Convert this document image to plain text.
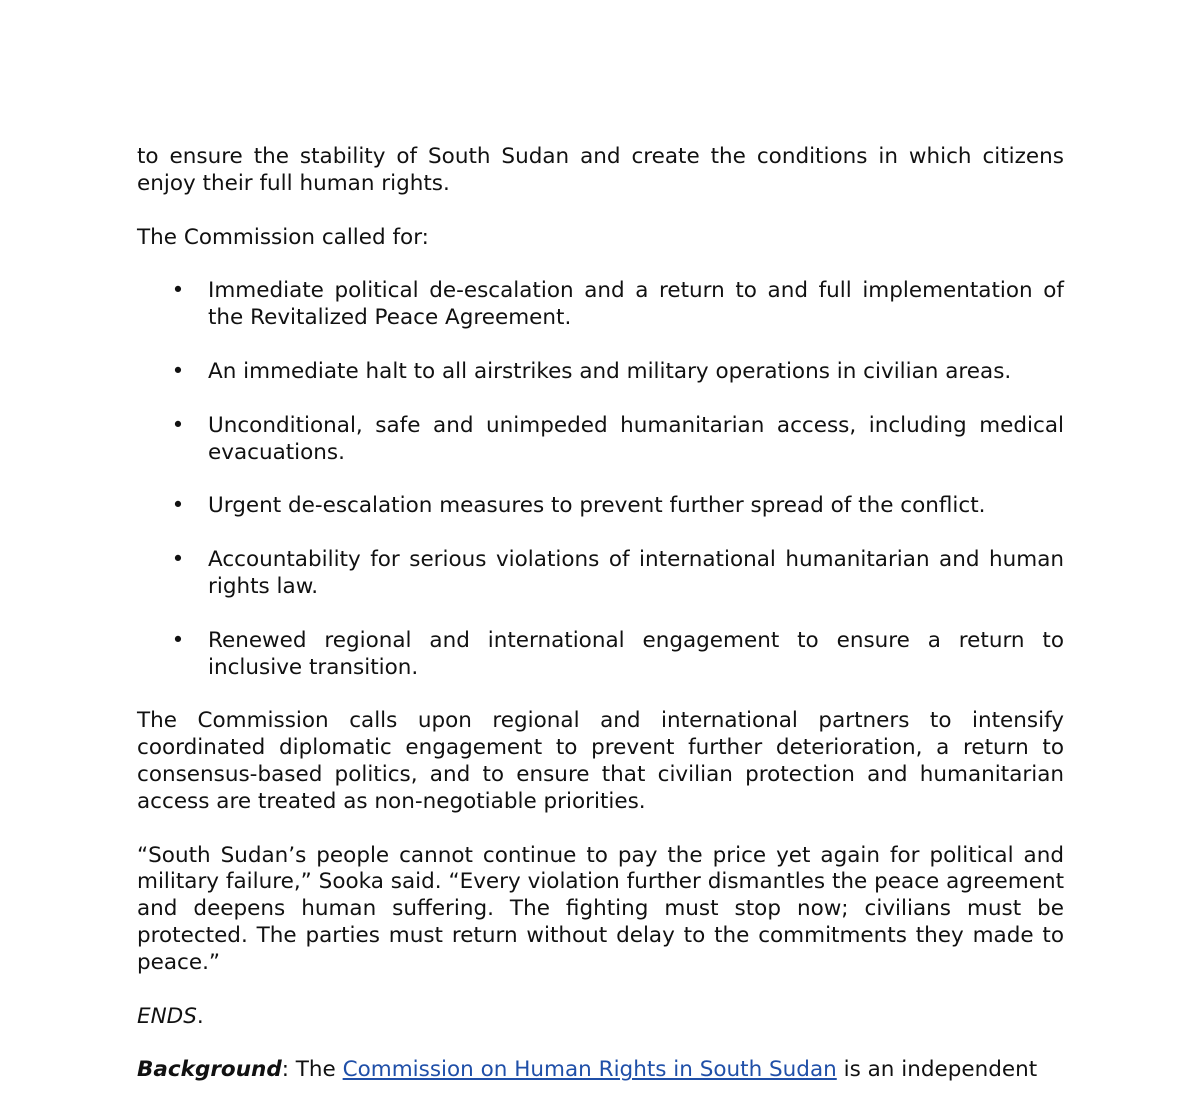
to ensure the stability of South Sudan and create the conditions in which citizens enjoy their full human rights.

The Commission called for:

• Immediate political de-escalation and a return to and full implementation of the Revitalized Peace Agreement.
• An immediate halt to all airstrikes and military operations in civilian areas.
• Unconditional, safe and unimpeded humanitarian access, including medical evacuations.
• Urgent de-escalation measures to prevent further spread of the conflict.
• Accountability for serious violations of international humanitarian and human rights law.
• Renewed regional and international engagement to ensure a return to inclusive transition.

The Commission calls upon regional and international partners to intensify coordinated diplomatic engagement to prevent further deterioration, a return to consensus-based politics, and to ensure that civilian protection and humanitarian access are treated as non-negotiable priorities.

“South Sudan’s people cannot continue to pay the price yet again for political and military failure,” Sooka said. “Every violation further dismantles the peace agreement and deepens human suffering. The fighting must stop now; civilians must be protected. The parties must return without delay to the commitments they made to peace.”

ENDS.

Background: The Commission on Human Rights in South Sudan is an independent
